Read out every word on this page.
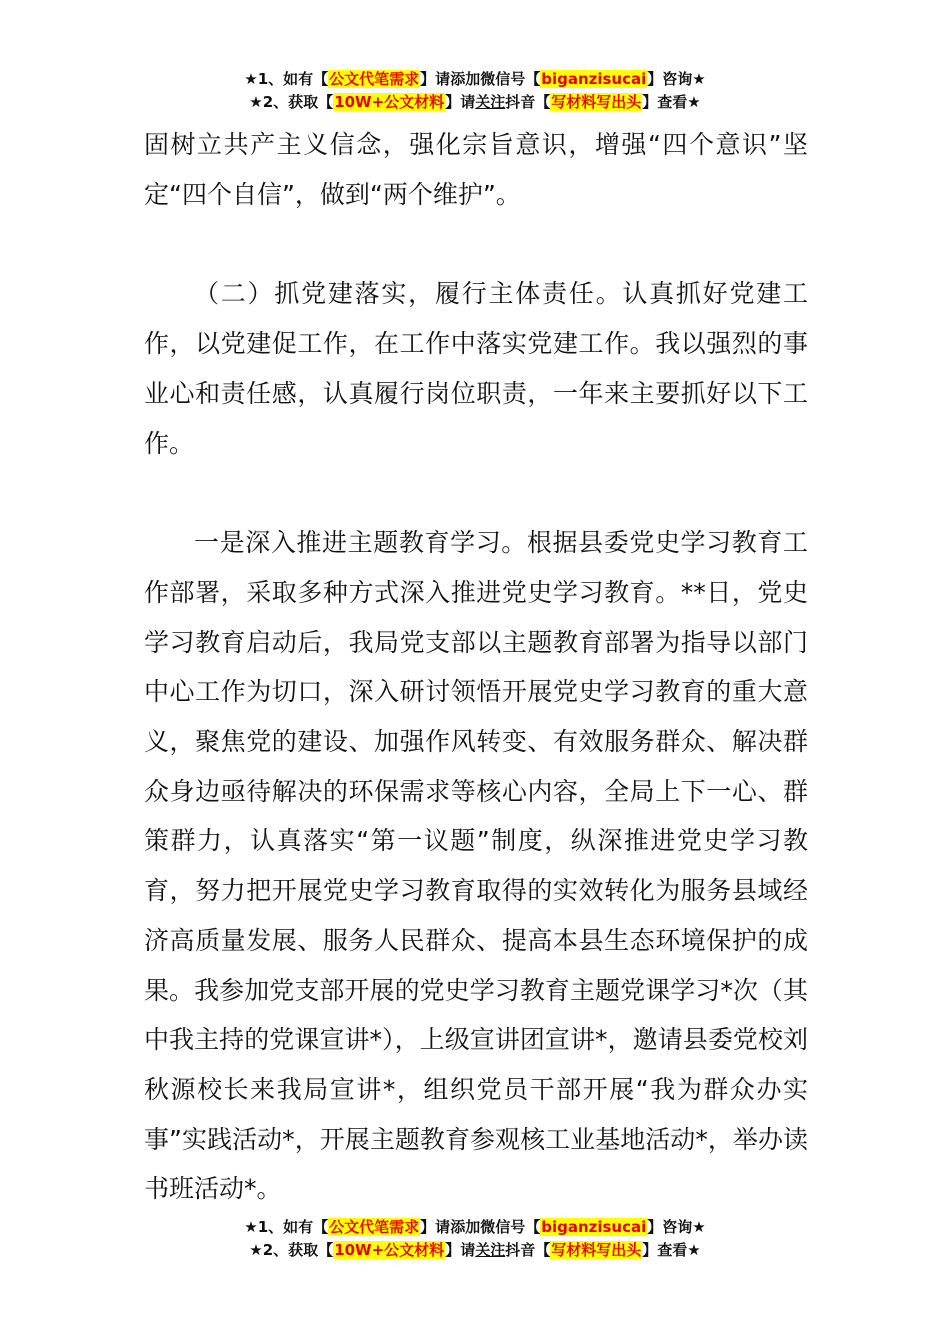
★1、如有【公文代笔需求】请添加微信号【biganzisucai】咨询★
★2、获取【10W+公文材料】请关注抖音【写材料写出头】查看★

固树立共产主义信念，强化宗旨意识，增强“四个意识”坚定“四个自信”，做到“两个维护”。

（二）抓党建落实，履行主体责任。认真抓好党建工作，以党建促工作，在工作中落实党建工作。我以强烈的事业心和责任感，认真履行岗位职责，一年来主要抓好以下工作。

一是深入推进主题教育学习。根据县委党史学习教育工作部署，采取多种方式深入推进党史学习教育。**日，党史学习教育启动后，我局党支部以主题教育部署为指导以部门中心工作为切口，深入研讨领悟开展党史学习教育的重大意义，聚焦党的建设、加强作风转变、有效服务群众、解决群众身边亟待解决的环保需求等核心内容，全局上下一心、群策群力，认真落实“第一议题”制度，纵深推进党史学习教育，努力把开展党史学习教育取得的实效转化为服务县域经济高质量发展、服务人民群众、提高本县生态环境保护的成果。我参加党支部开展的党史学习教育主题党课学习*次（其中我主持的党课宣讲*），上级宣讲团宣讲*，邀请县委党校刘秋源校长来我局宣讲*，组织党员干部开展“我为群众办实事”实践活动*，开展主题教育参观核工业基地活动*，举办读书班活动*。

★1、如有【公文代笔需求】请添加微信号【biganzisucai】咨询★
★2、获取【10W+公文材料】请关注抖音【写材料写出头】查看★
